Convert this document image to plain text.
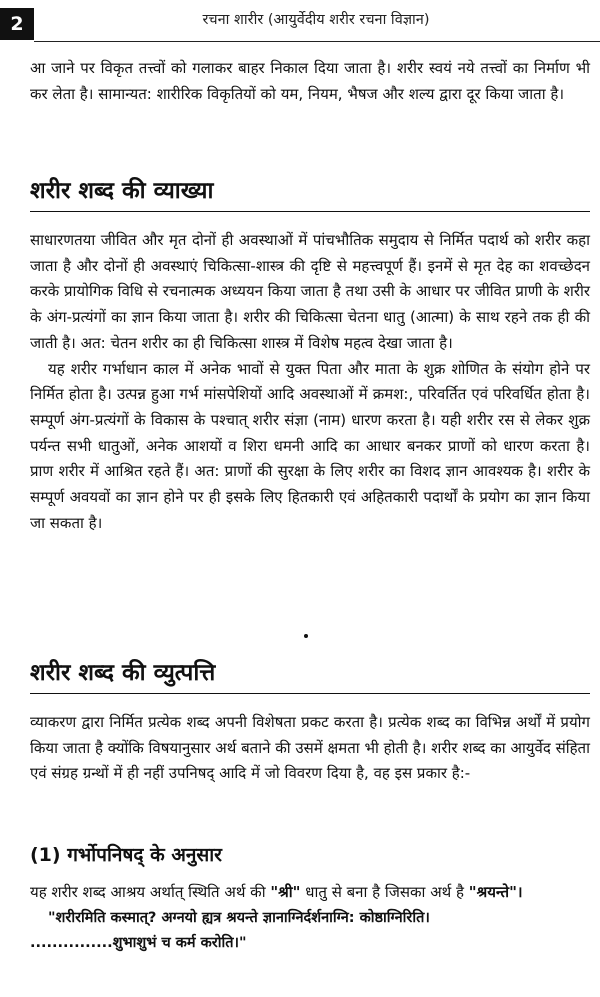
2	रचना शारीर (आयुर्वेदीय शरीर रचना विज्ञान)

आ जाने पर विकृत तत्त्वों को गलाकर बाहर निकाल दिया जाता है। शरीर स्वयं नये तत्त्वों का निर्माण भी कर लेता है। सामान्यत: शारीरिक विकृतियों को यम, नियम, भैषज और शल्य द्वारा दूर किया जाता है।

शरीर शब्द की व्याख्या

साधारणतया जीवित और मृत दोनों ही अवस्थाओं में पांचभौतिक समुदाय से निर्मित पदार्थ को शरीर कहा जाता है और दोनों ही अवस्थाएं चिकित्सा-शास्त्र की दृष्टि से महत्त्वपूर्ण हैं। इनमें से मृत देह का शवच्छेदन करके प्रायोगिक विधि से रचनात्मक अध्ययन किया जाता है तथा उसी के आधार पर जीवित प्राणी के शरीर के अंग-प्रत्यंगों का ज्ञान किया जाता है। शरीर की चिकित्सा चेतना धातु (आत्मा) के साथ रहने तक ही की जाती है। अत: चेतन शरीर का ही चिकित्सा शास्त्र में विशेष महत्व देखा जाता है।

यह शरीर गर्भाधान काल में अनेक भावों से युक्त पिता और माता के शुक्र शोणित के संयोग होने पर निर्मित होता है। उत्पन्न हुआ गर्भ मांसपेशियों आदि अवस्थाओं में क्रमश:, परिवर्तित एवं परिवर्धित होता है। सम्पूर्ण अंग-प्रत्यंगों के विकास के पश्चात् शरीर संज्ञा (नाम) धारण करता है। यही शरीर रस से लेकर शुक्र पर्यन्त सभी धातुओं, अनेक आशयों व शिरा धमनी आदि का आधार बनकर प्राणों को धारण करता है। प्राण शरीर में आश्रित रहते हैं। अत: प्राणों की सुरक्षा के लिए शरीर का विशद ज्ञान आवश्यक है। शरीर के सम्पूर्ण अवयवों का ज्ञान होने पर ही इसके लिए हितकारी एवं अहितकारी पदार्थों के प्रयोग का ज्ञान किया जा सकता है।

शरीर शब्द की व्युत्पत्ति

व्याकरण द्वारा निर्मित प्रत्येक शब्द अपनी विशेषता प्रकट करता है। प्रत्येक शब्द का विभिन्न अर्थों में प्रयोग किया जाता है क्योंकि विषयानुसार अर्थ बताने की उसमें क्षमता भी होती है। शरीर शब्द का आयुर्वेद संहिता एवं संग्रह ग्रन्थों में ही नहीं उपनिषद् आदि में जो विवरण दिया है, वह इस प्रकार है:-

(1) गर्भोपनिषद् के अनुसार

यह शरीर शब्द आश्रय अर्थात् स्थिति अर्थ की "श्री" धातु से बना है जिसका अर्थ है "श्रयन्ते"।

"शरीरमिति कस्मात्? अग्नयो ह्यत्र श्रयन्ते ज्ञानाग्निर्दर्शनाग्नि: कोष्ठाग्निरिति।

...............शुभाशुभं च कर्म करोति।"
